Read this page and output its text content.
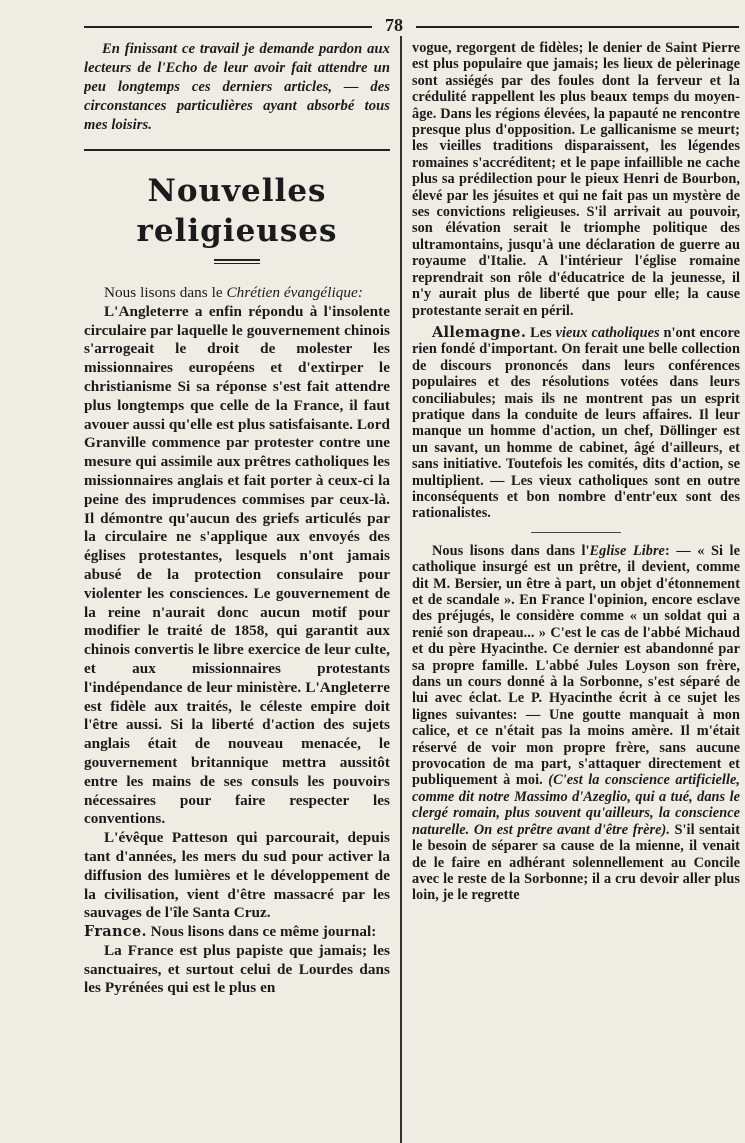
78

En finissant ce travail je demande pardon aux lecteurs de l'Echo de leur avoir fait attendre un peu longtemps ces derniers articles, — des circonstances particulières ayant absorbé tous mes loisirs.

Nouvelles religieuses

Nous lisons dans le Chrétien évangélique:

L'Angleterre a enfin répondu à l'insolente circulaire par laquelle le gouvernement chinois s'arrogeait le droit de molester les missionnaires européens et d'extirper le christianisme Si sa réponse s'est fait attendre plus longtemps que celle de la France, il faut avouer aussi qu'elle est plus satisfaisante. Lord Granville commence par protester contre une mesure qui assimile aux prêtres catholiques les missionnaires anglais et fait porter à ceux-ci la peine des imprudences commises par ceux-là. Il démontre qu'aucun des griefs articulés par la circulaire ne s'applique aux envoyés des églises protestantes, lesquels n'ont jamais abusé de la protection consulaire pour violenter les consciences. Le gouvernement de la reine n'aurait donc aucun motif pour modifier le traité de 1858, qui garantit aux chinois convertis le libre exercice de leur culte, et aux missionnaires protestants l'indépendance de leur ministère. L'Angleterre est fidèle aux traités, le céleste empire doit l'être aussi. Si la liberté d'action des sujets anglais était de nouveau menacée, le gouvernement britannique mettra aussitôt entre les mains de ses consuls les pouvoirs nécessaires pour faire respecter les conventions.

L'évêque Patteson qui parcourait, depuis tant d'années, les mers du sud pour activer la diffusion des lumières et le développement de la civilisation, vient d'être massacré par les sauvages de l'île Santa Cruz.

France. Nous lisons dans ce même journal:

La France est plus papiste que jamais; les sanctuaires, et surtout celui de Lourdes dans les Pyrénées qui est le plus en

vogue, regorgent de fidèles; le denier de Saint Pierre est plus populaire que jamais; les lieux de pèlerinage sont assiégés par des foules dont la ferveur et la crédulité rappellent les plus beaux temps du moyen-âge. Dans les régions élevées, la papauté ne rencontre presque plus d'opposition. Le gallicanisme se meurt; les vieilles traditions disparaissent, les légendes romaines s'accréditent; et le pape infaillible ne cache plus sa prédilection pour le pieux Henri de Bourbon, élevé par les jésuites et qui ne fait pas un mystère de ses convictions religieuses. S'il arrivait au pouvoir, son élévation serait le triomphe politique des ultramontains, jusqu'à une déclaration de guerre au royaume d'Italie. A l'intérieur l'église romaine reprendrait son rôle d'éducatrice de la jeunesse, il n'y aurait plus de liberté que pour elle; la cause protestante serait en péril.

Allemagne. Les vieux catholiques n'ont encore rien fondé d'important. On ferait une belle collection de discours prononcés dans leurs conférences populaires et des résolutions votées dans leurs conciliabules; mais ils ne montrent pas un esprit pratique dans la conduite de leurs affaires. Il leur manque un homme d'action, un chef, Döllinger est un savant, un homme de cabinet, âgé d'ailleurs, et sans initiative. Toutefois les comités, dits d'action, se multiplient. — Les vieux catholiques sont en outre inconséquents et bon nombre d'entr'eux sont des rationalistes.

Nous lisons dans dans l'Eglise Libre: — « Si le catholique insurgé est un prêtre, il devient, comme dit M. Bersier, un être à part, un objet d'étonnement et de scandale ». En France l'opinion, encore esclave des préjugés, le considère comme « un soldat qui a renié son drapeau... » C'est le cas de l'abbé Michaud et du père Hyacinthe. Ce dernier est abandonné par sa propre famille. L'abbé Jules Loyson son frère, dans un cours donné à la Sorbonne, s'est séparé de lui avec éclat. Le P. Hyacinthe écrit à ce sujet les lignes suivantes: — Une goutte manquait à mon calice, et ce n'était pas la moins amère. Il m'était réservé de voir mon propre frère, sans aucune provocation de ma part, s'attaquer directement et publiquement à moi. (C'est la conscience artificielle, comme dit notre Massimo d'Azeglio, qui a tué, dans le clergé romain, plus souvent qu'ailleurs, la conscience naturelle. On est prêtre avant d'être frère). S'il sentait le besoin de séparer sa cause de la mienne, il venait de le faire en adhérant solennellement au Concile avec le reste de la Sorbonne; il a cru devoir aller plus loin, je le regrette
